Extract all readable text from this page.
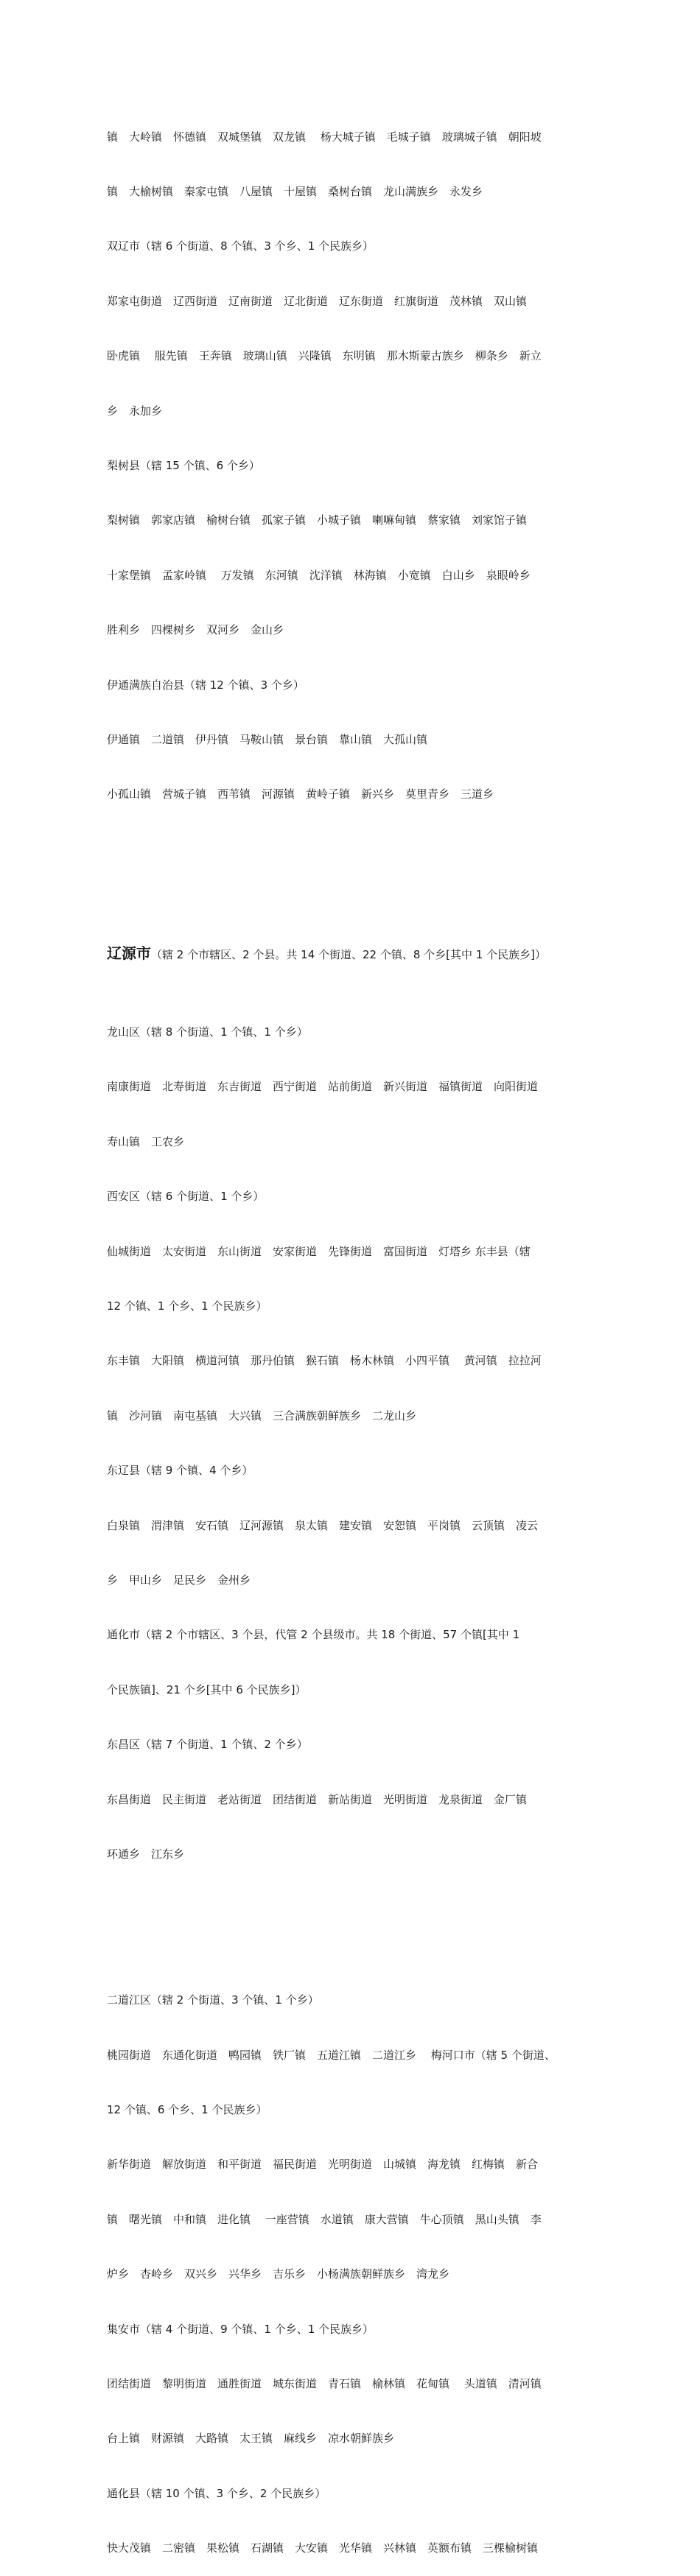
镇　大岭镇　怀德镇　双城堡镇　双龙镇　 杨大城子镇　毛城子镇　玻璃城子镇　朝阳坡

镇　大榆树镇　秦家屯镇　八屋镇　十屋镇　桑树台镇　龙山满族乡　永发乡

双辽市（辖 6 个街道、8 个镇、3 个乡、1 个民族乡）

郑家屯街道　辽西街道　辽南街道　辽北街道　辽东街道　红旗街道　茂林镇　双山镇

卧虎镇　 服先镇　王奔镇　玻璃山镇　兴隆镇　东明镇　那木斯蒙古族乡　柳条乡　新立

乡　永加乡

梨树县（辖 15 个镇、6 个乡）

梨树镇　郭家店镇　榆树台镇　孤家子镇　小城子镇　喇嘛甸镇　蔡家镇　刘家馆子镇

十家堡镇　孟家岭镇　 万发镇　东河镇　沈洋镇　林海镇　小宽镇　白山乡　泉眼岭乡

胜利乡　四棵树乡　双河乡　金山乡

伊通满族自治县（辖 12 个镇、3 个乡）

伊通镇　二道镇　伊丹镇　马鞍山镇　景台镇　靠山镇　大孤山镇

小孤山镇　营城子镇　西苇镇　河源镇　黄岭子镇　新兴乡　莫里青乡　三道乡

辽源市（辖 2 个市辖区、2 个县。共 14 个街道、22 个镇、8 个乡[其中 1 个民族乡]）

龙山区（辖 8 个街道、1 个镇、1 个乡）

南康街道　北寿街道　东吉街道　西宁街道　站前街道　新兴街道　福镇街道　向阳街道

寿山镇　工农乡

西安区（辖 6 个街道、1 个乡）

仙城街道　太安街道　东山街道　安家街道　先锋街道　富国街道　灯塔乡 东丰县（辖

12 个镇、1 个乡、1 个民族乡）

东丰镇　大阳镇　横道河镇　那丹伯镇　猴石镇　杨木林镇　小四平镇　 黄河镇　拉拉河

镇　沙河镇　南屯基镇　大兴镇　三合满族朝鲜族乡　二龙山乡

东辽县（辖 9 个镇、4 个乡）

白泉镇　渭津镇　安石镇　辽河源镇　泉太镇　建安镇　安恕镇　平岗镇　云顶镇　凌云

乡　甲山乡　足民乡　金州乡

通化市（辖 2 个市辖区、3 个县，代管 2 个县级市。共 18 个街道、57 个镇[其中 1

个民族镇]、21 个乡[其中 6 个民族乡]）

东昌区（辖 7 个街道、1 个镇、2 个乡）

东昌街道　民主街道　老站街道　团结街道　新站街道　光明街道　龙泉街道　金厂镇

环通乡　江东乡

二道江区（辖 2 个街道、3 个镇、1 个乡）

桃园街道　东通化街道　鸭园镇　铁厂镇　五道江镇　二道江乡　 梅河口市（辖 5 个街道、

12 个镇、6 个乡、1 个民族乡）

新华街道　解放街道　和平街道　福民街道　光明街道　山城镇　海龙镇　红梅镇　新合

镇　曙光镇　中和镇　进化镇　 一座营镇　水道镇　康大营镇　牛心顶镇　黑山头镇　李

炉乡　杏岭乡　双兴乡　兴华乡　吉乐乡　小杨满族朝鲜族乡　湾龙乡

集安市（辖 4 个街道、9 个镇、1 个乡、1 个民族乡）

团结街道　黎明街道　通胜街道　城东街道　青石镇　榆林镇　花甸镇　 头道镇　清河镇

台上镇　财源镇　大路镇　太王镇　麻线乡　凉水朝鲜族乡

通化县（辖 10 个镇、3 个乡、2 个民族乡）

快大茂镇　二密镇　果松镇　石湖镇　大安镇　光华镇　兴林镇　英额布镇　三棵榆树镇
